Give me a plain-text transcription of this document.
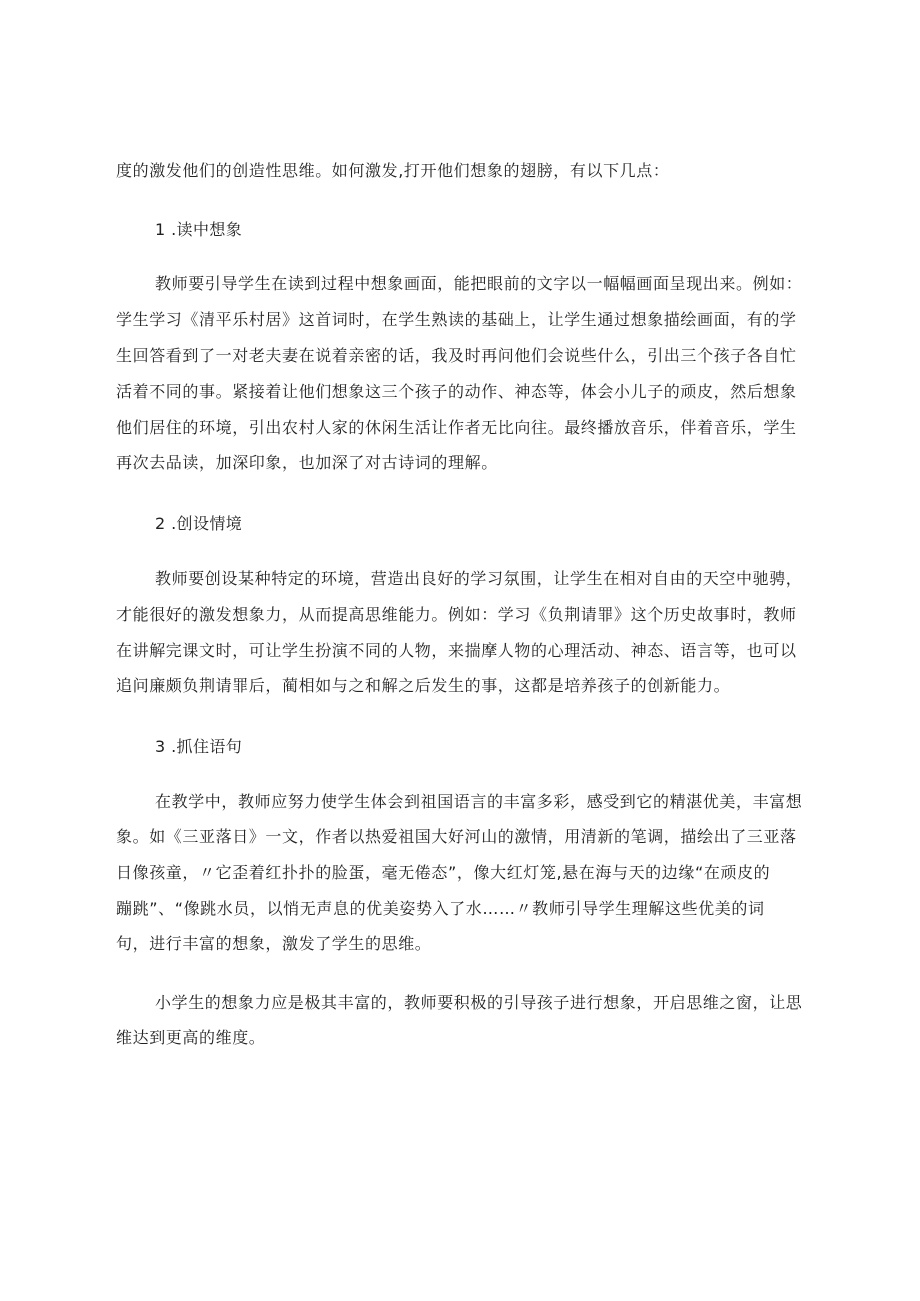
度的激发他们的创造性思维。如何激发,打开他们想象的翅膀，有以下几点：
1 .读中想象
教师要引导学生在读到过程中想象画面，能把眼前的文字以一幅幅画面呈现出来。例如：
学生学习《清平乐村居》这首词时，在学生熟读的基础上，让学生通过想象描绘画面，有的学
生回答看到了一对老夫妻在说着亲密的话，我及时再问他们会说些什么，引出三个孩子各自忙
活着不同的事。紧接着让他们想象这三个孩子的动作、神态等，体会小儿子的顽皮，然后想象
他们居住的环境，引出农村人家的休闲生活让作者无比向往。最终播放音乐，伴着音乐，学生
再次去品读，加深印象，也加深了对古诗词的理解。
2 .创设情境
教师要创设某种特定的环境，营造出良好的学习氛围，让学生在相对自由的天空中驰骋，
才能很好的激发想象力，从而提高思维能力。例如：学习《负荆请罪》这个历史故事时，教师
在讲解完课文时，可让学生扮演不同的人物，来揣摩人物的心理活动、神态、语言等，也可以
追问廉颇负荆请罪后，蔺相如与之和解之后发生的事，这都是培养孩子的创新能力。
3 .抓住语句
在教学中，教师应努力使学生体会到祖国语言的丰富多彩，感受到它的精湛优美，丰富想
象。如《三亚落日》一文，作者以热爱祖国大好河山的激情，用清新的笔调，描绘出了三亚落
日像孩童，〃它歪着红扑扑的脸蛋，毫无倦态”，像大红灯笼,悬在海与天的边缘“在顽皮的
蹦跳”、“像跳水员，以悄无声息的优美姿势入了水……〃教师引导学生理解这些优美的词
句，进行丰富的想象，激发了学生的思维。
小学生的想象力应是极其丰富的，教师要积极的引导孩子进行想象，开启思维之窗，让思
维达到更高的维度。
